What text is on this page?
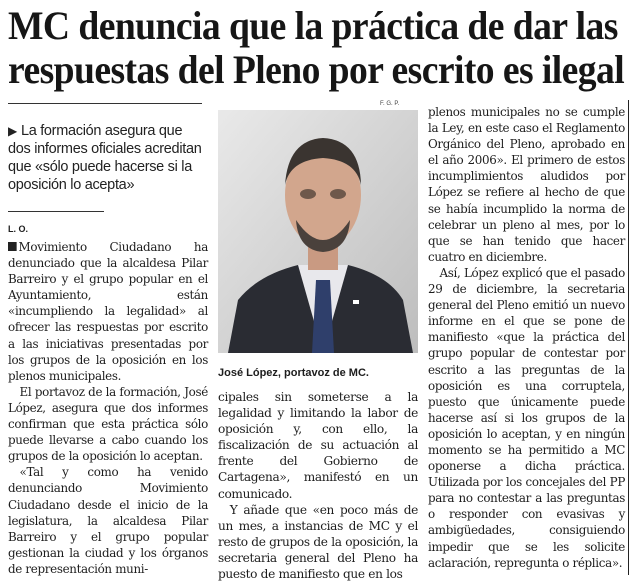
MC denuncia que la práctica de dar las respuestas del Pleno por escrito es ilegal
▶ La formación asegura que dos informes oficiales acreditan que «sólo puede hacerse si la oposición lo acepta»
L. O.

Movimiento Ciudadano ha denunciado que la alcaldesa Pilar Barreiro y el grupo popular en el Ayuntamiento, están «incumpliendo la legalidad» al ofrecer las respuestas por escrito a las iniciativas presentadas por los grupos de la oposición en los plenos municipales.

El portavoz de la formación, José López, asegura que dos informes confirman que esta práctica sólo puede llevarse a cabo cuando los grupos de la oposición lo aceptan.

«Tal y como ha venido denunciando Movimiento Ciudadano desde el inicio de la legislatura, la alcaldesa Pilar Barreiro y el grupo popular gestionan la ciudad y los órganos de representación muni-

F. G. P.
José López, portavoz de MC.

cipales sin someterse a la legalidad y limitando la labor de oposición y, con ello, la fiscalización de su actuación al frente del Gobierno de Cartagena», manifestó en un comunicado.

Y añade que «en poco más de un mes, a instancias de MC y el resto de grupos de la oposición, la secretaria general del Pleno ha puesto de manifiesto que en los

plenos municipales no se cumple la Ley, en este caso el Reglamento Orgánico del Pleno, aprobado en el año 2006». El primero de estos incumplimientos aludidos por López se refiere al hecho de que se había incumplido la norma de celebrar un pleno al mes, por lo que se han tenido que hacer cuatro en diciembre.

Así, López explicó que el pasado 29 de diciembre, la secretaria general del Pleno emitió un nuevo informe en el que se pone de manifiesto «que la práctica del grupo popular de contestar por escrito a las preguntas de la oposición es una corruptela, puesto que únicamente puede hacerse así si los grupos de la oposición lo aceptan, y en ningún momento se ha permitido a MC oponerse a dicha práctica. Utilizada por los concejales del PP para no contestar a las preguntas o responder con evasivas y ambigüedades, consiguiendo impedir que se les solicite aclaración, repregunta o réplica».
